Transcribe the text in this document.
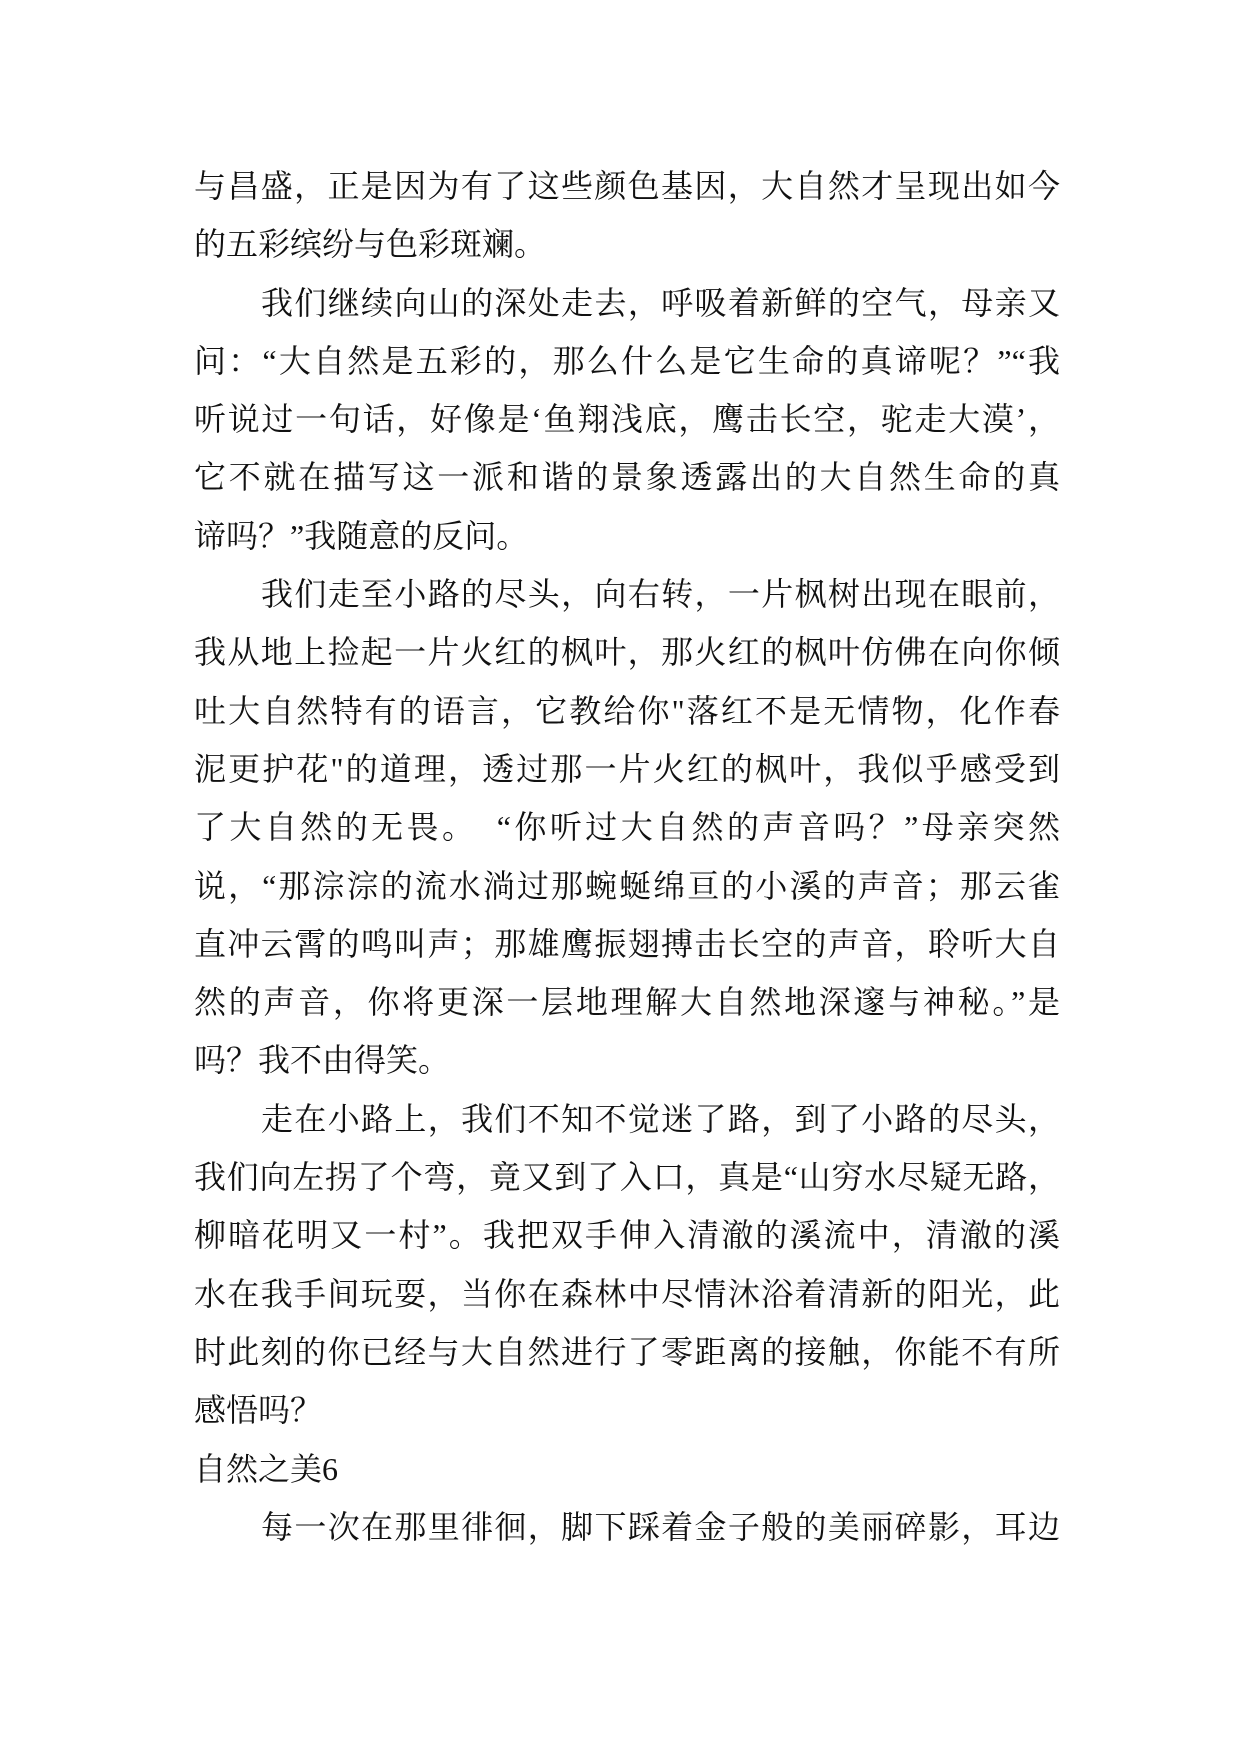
与昌盛，正是因为有了这些颜色基因，大自然才呈现出如今
的五彩缤纷与色彩斑斓。
我们继续向山的深处走去，呼吸着新鲜的空气，母亲又
问：“大自然是五彩的，那么什么是它生命的真谛呢？”“我
听说过一句话，好像是‘鱼翔浅底，鹰击长空，驼走大漠’，
它不就在描写这一派和谐的景象透露出的大自然生命的真
谛吗？”我随意的反问。
我们走至小路的尽头，向右转，一片枫树出现在眼前，
我从地上捡起一片火红的枫叶，那火红的枫叶仿佛在向你倾
吐大自然特有的语言，它教给你"落红不是无情物，化作春
泥更护花"的道理，透过那一片火红的枫叶，我似乎感受到
了大自然的无畏。　“你听过大自然的声音吗？”母亲突然
说，“那淙淙的流水淌过那蜿蜒绵亘的小溪的声音；那云雀
直冲云霄的鸣叫声；那雄鹰振翅搏击长空的声音，聆听大自
然的声音，你将更深一层地理解大自然地深邃与神秘。”是
吗？我不由得笑。
走在小路上，我们不知不觉迷了路，到了小路的尽头，
我们向左拐了个弯，竟又到了入口，真是“山穷水尽疑无路，
柳暗花明又一村”。我把双手伸入清澈的溪流中，清澈的溪
水在我手间玩耍，当你在森林中尽情沐浴着清新的阳光，此
时此刻的你已经与大自然进行了零距离的接触，你能不有所
感悟吗？
自然之美6
每一次在那里徘徊，脚下踩着金子般的美丽碎影，耳边
